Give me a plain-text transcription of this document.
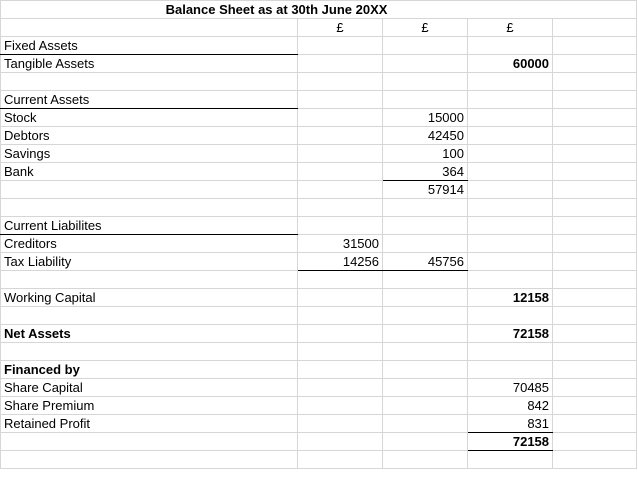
Balance Sheet as at 30th June 20XX				
	£	£	£	
Fixed Assets				
Tangible Assets			60000	

Current Assets				
Stock		15000		
Debtors		42450		
Savings		100		
Bank		364		
		57914		

Current Liabilites				
Creditors	31500			
Tax Liability	14256	45756		

Working Capital			12158	

Net Assets			72158	

Financed by				
Share Capital			70485	
Share Premium			842	
Retained Profit			831	
			72158	
